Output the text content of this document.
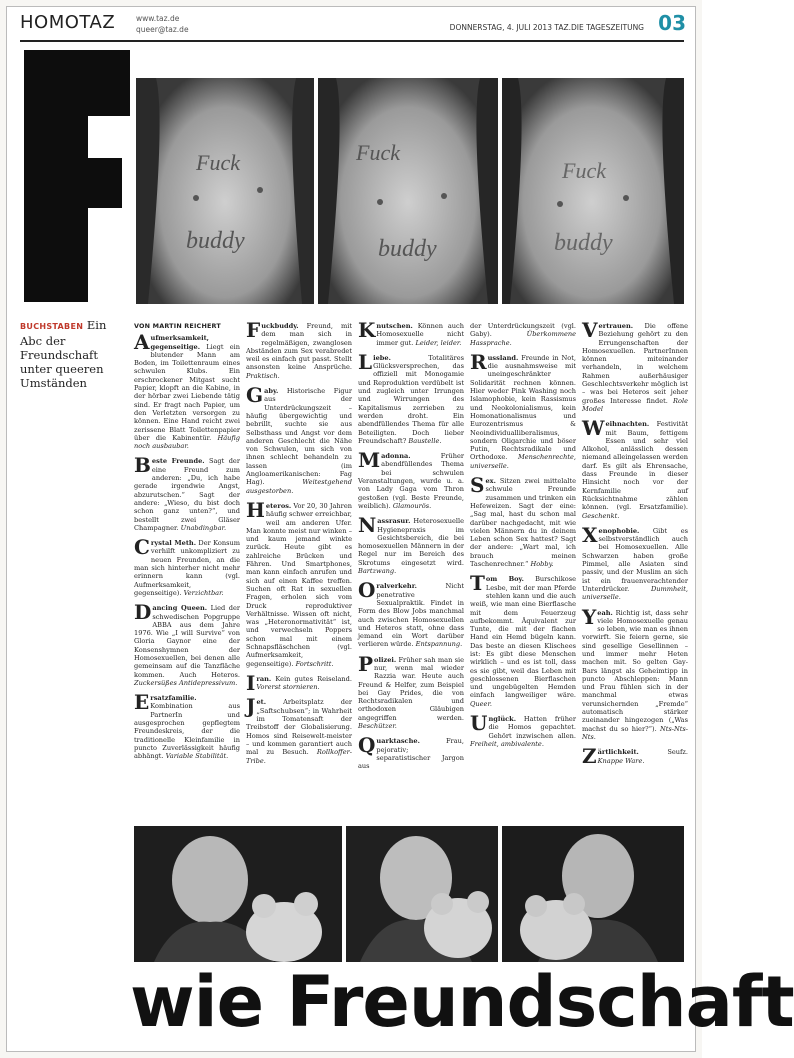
HOMOTAZ	www.taz.de
queer@taz.de	DONNERSTAG, 4. JULI 2013 TAZ.DIE TAGESZEITUNG 03
Fuck
buddy
Fuck
buddy
Fuck
buddy
BUCHSTABEN Ein Abc der Freundschaft unter queeren Umständen
VON MARTIN REICHERT

Aufmerksamkeit, gegenseitige. Liegt ein blutender Mann am Boden, im Toilettenraum eines schwulen Klubs. Ein erschrockener Mitgast sucht Papier, klopft an die Kabine, in der hörbar zwei Liebende tätig sind. Er fragt nach Papier, um den Verletzten versorgen zu können. Eine Hand reicht zwei zerissene Blatt Toilettenpapier über die Kabinentür. Häufig noch ausbaubar.

Beste Freunde. Sagt der eine Freund zum anderen: „Du, ich habe gerade irgendwie Angst, abzurutschen.“ Sagt der andere: „Wieso, du bist doch schon ganz unten?“, und bestellt zwei Gläser Champagner. Unabdingbar.

Crystal Meth. Der Konsum verhilft unkompliziert zu neuen Freunden, an die man sich hinterher nicht mehr erinnern kann (vgl. Aufmerksamkeit, gegenseitige). Verzichtbar.

Dancing Queen. Lied der schwedischen Popgruppe ABBA aus dem Jahre 1976. Wie „I will Survive“ von Gloria Gaynor eine der Konsenshymnen der Homosexuellen, bei denen alle gemeinsam auf die Tanzfläche kommen. Auch Heteros. Zuckersüßes Antidepressivum.

Ersatzfamilie. Kombination aus PartnerIn und ausgesprochen gepflegtem Freundeskreis, der die traditionelle Kleinfamilie in puncto Zuverlässigkeit häufig abhängt. Variable Stabilität.

Fuckbuddy. Freund, mit dem man sich in regelmäßigen, zwanglosen Abständen zum Sex verabredet weil es einfach gut passt. Stellt ansonsten keine Ansprüche. Praktisch.

Gaby. Historische Figur aus der Unterdrückungszeit – häufig übergewichtig und bebrillt, suchte sie aus Selbsthass und Angst vor dem anderen Geschlecht die Nähe von Schwulen, um sich von ihnen schlecht behandeln zu lassen (im Angloamerikanischen: Fag Hag).	Weitestgehend ausgestorben.

Heteros. Vor 20, 30 Jahren häufig schwer erreichbar, weil am anderen Ufer. Man konnte meist nur winken – und kaum jemand winkte zurück. Heute gibt es zahlreiche Brücken und Fähren. Und Smartphones, man kann einfach anrufen und sich auf einen Kaffee treffen. Suchen oft Rat in sexuellen Fragen, erholen sich vom Druck reproduktiver Verhältnisse. Wissen oft nicht, was „Heteronormativität“ ist, und verwechseln Poppers schon mal mit einem Schnapsfläschchen (vgl. Aufmerksamkeit, gegenseitige). Fortschritt.

Iran. Kein gutes Reiseland. Vorerst stornieren.

Jet.	Arbeitsplatz der „Saftschubsen“; in Wahrheit im Tomatensaft der Treibstoff der Globalisierung. Homos sind Reisewelt-meister – und kommen garantiert auch mal zu Besuch. Rollkoffer-Tribe.

Knutschen. Können auch Homosexuelle nicht immer gut. Leider, leider.

Liebe.	Totalitäres Glücksversprechen, das offiziell mit Monogamie und Reproduktion verdübelt ist und zugleich unter Irrungen und Wirrungen des Kapitalismus zerrieben zu werden droht. Ein abendfüllendes Thema für alle Beteiligten. Doch lieber Freundschaft? Baustelle.

Madonna.	Früher abendfüllendes Thema bei schwulen Veranstaltungen, wurde u. a. von Lady Gaga vom Thron gestoßen (vgl. Beste Freunde, weiblich). Glamourös.

Nassrasur. Heterosexuelle Hygienepraxis im Gesichtsbereich, die bei homosexuellen Männern in der Regel nur im Bereich des Skrotums eingesetzt wird. Bartzwang.

Oralverkehr.	Nicht penetrative Sexualpraktik. Findet in Form des Blow Jobs manchmal auch zwischen Homosexuellen und Heteros statt, ohne dass jemand ein Wort darüber verlieren würde. Entspannung.

Polizei. Früher sah man sie nur, wenn mal wieder Razzia war. Heute auch Freund & Helfer, zum Beispiel bei Gay Prides, die von Rechtsradikalen und orthodoxen Gläubigen angegriffen werden. Beschützer.

Quarktasche.	Frau, pejorativ; separatistischer Jargon aus

der Unterdrückungszeit (vgl. Gaby).	Überkommene Hassprache.

Russland. Freunde in Not, die ausnahmsweise mit uneingeschränkter Solidarität rechnen können. Hier weder Pink Washing noch Islamophobie, kein Rassismus und Neokolonialismus, kein Homonationalismus und Eurozentrismus & Neoindividualliberalismus, sondern Oligarchie und böser Putin, Rechtsradikale und Orthodoxe. Menschenrechte, universelle.

Sex. Sitzen zwei mittelalte schwule Freunde zusammen und trinken ein Hefeweizen. Sagt der eine: „Sag mal, hast du schon mal darüber nachgedacht, mit wie vielen Männern du in deinem Leben schon Sex hattest? Sagt der andere: „Wart mal, ich brauch meinen Taschenrechner.“ Hobby.

Tom Boy. Burschikose Lesbe, mit der man Pferde stehlen kann und die auch weiß, wie man eine Bierflasche mit dem Feuerzeug aufbekommt. Äquivalent zur Tunte, die mit der flachen Hand ein Hemd bügeln kann. Das beste an diesen Klischees ist: Es gibt diese Menschen wirklich – und es ist toll, dass es sie gibt, weil das Leben mit geschlossenen Bierflaschen und ungebügelten Hemden einfach langweiliger wäre. Queer.

Unglück. Hatten früher die Homos gepachtet. Gehört inzwischen allen. Freiheit, ambivalente.

Vertrauen. Die offene Beziehung gehört zu den Errungenschaften der Homosexuellen. PartnerInnen können miteinander verhandeln, in welchem Rahmen außerhäusiger Geschlechtsverkehr möglich ist – was bei Heteros seit jeher großes Interesse findet. Role Model

Weihnachten. Festivität mit Baum, fettigem Essen und sehr viel Alkohol, anlässlich dessen niemand alleingelassen werden darf. Es gilt als Ehrensache, dass Freunde in dieser Hinsicht noch vor der Kernfamilie auf Rücksichtnahme zählen können. (vgl. Ersatzfamilie). Geschenkt.

Xenophobie. Gibt es selbstverständlich auch bei Homosexuellen. Alle Schwarzen haben große Pimmel, alle Asiaten sind passiv, und der Muslim an sich ist ein frauenverachtender Unterdrücker.	Dummheit, universelle.

Yeah. Richtig ist, dass sehr viele Homosexuelle genau so leben, wie man es ihnen vorwirft. Sie feiern gerne, sie sind gesellige Gesellinnen – und immer mehr Heten machen mit. So gelten Gay-Bars längst als Geheimtipp in puncto Abschleppen: Mann und Frau fühlen sich in der manchmal etwas verunsichernden „Fremde“ automatisch stärker zueinander hingezogen („Was machst du so hier?“). Nts-Nts-Nts.

Zärtlichkeit.	Seufz. Knappe Ware.

wie Freundschaft
